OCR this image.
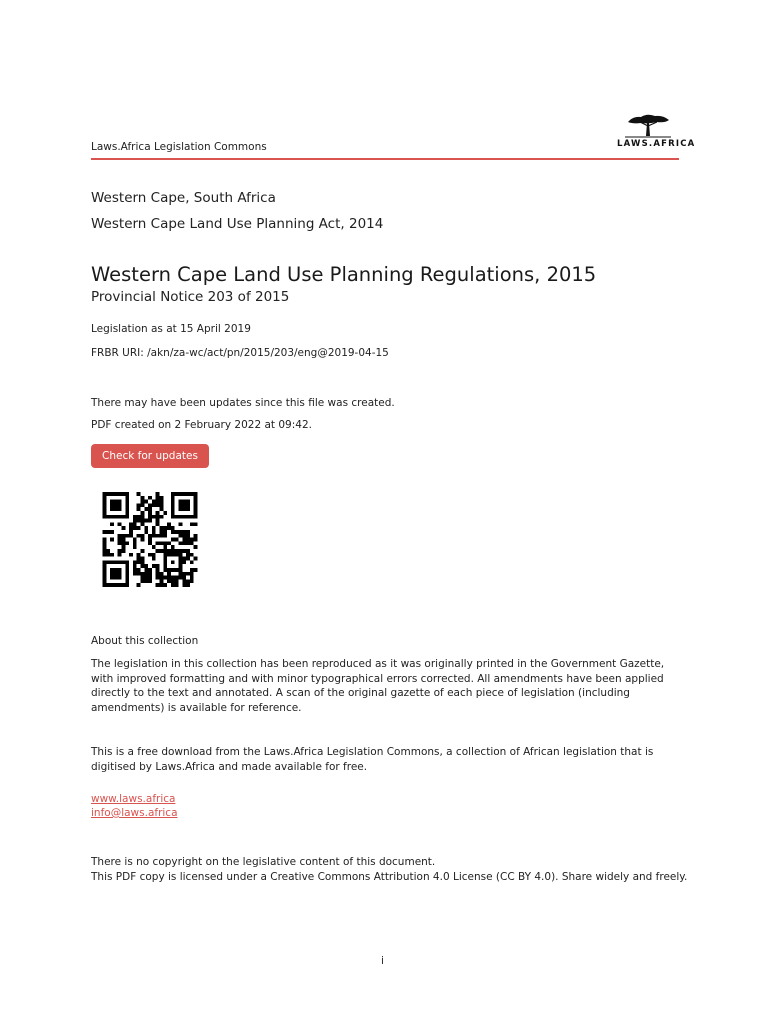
Laws.Africa Legislation Commons	LAWS.AFRICA
Western Cape, South Africa
Western Cape Land Use Planning Act, 2014
Western Cape Land Use Planning Regulations, 2015
Provincial Notice 203 of 2015
Legislation as at 15 April 2019
FRBR URI: /akn/za-wc/act/pn/2015/203/eng@2019-04-15
There may have been updates since this file was created.
PDF created on 2 February 2022 at 09:42.
Check for updates
About this collection
The legislation in this collection has been reproduced as it was originally printed in the Government Gazette, with improved formatting and with minor typographical errors corrected. All amendments have been applied directly to the text and annotated. A scan of the original gazette of each piece of legislation (including amendments) is available for reference.
This is a free download from the Laws.Africa Legislation Commons, a collection of African legislation that is digitised by Laws.Africa and made available for free.
www.laws.africa
info@laws.africa
There is no copyright on the legislative content of this document.
This PDF copy is licensed under a Creative Commons Attribution 4.0 License (CC BY 4.0). Share widely and freely.
i
